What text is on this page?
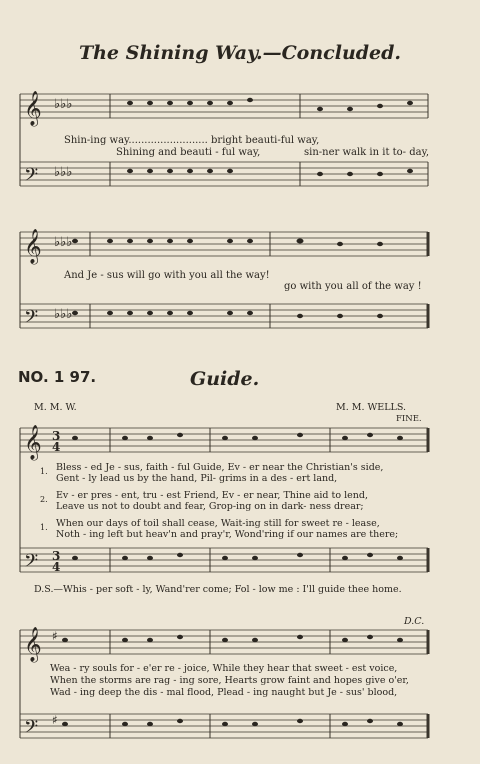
𝄞
𝄢
𝄞
𝄢
𝄞
𝄢
𝄞
𝄢
♭♭♭
♭♭♭
♭♭♭
♭♭♭
3
4
3
4
♯
♯
The Shining Way.—Concluded.
Shin-ing way......................... bright beauti-ful way,
Shining and beauti - ful way,	sin-ner walk in it to- day,
And Je - sus will go with you all the way!
go with you all of the way !
NO. 1 97.	Guide.
M. M. W.	M. M. WELLS.
FINE.
1. Bless - ed Je - sus, faith - ful Guide, Ev - er near the Christian's side,
Gent - ly lead us by the hand, Pil- grims in a des - ert land,
2. Ev - er pres - ent, tru - est Friend, Ev - er near, Thine aid to lend,
Leave us not to doubt and fear, Grop-ing on in dark- ness drear;
1. When our days of toil shall cease, Wait-ing still for sweet re - lease,
Noth - ing left but heav'n and pray'r, Wond'ring if our names are there;
D.S.—Whis - per soft - ly, Wand'rer come; Fol - low me : I'll guide thee home.
D.C.
Wea - ry souls for - e'er re - joice, While they hear that sweet - est voice,
When the storms are rag - ing sore, Hearts grow faint and hopes give o'er,
Wad - ing deep the dis - mal flood, Plead - ing naught but Je - sus' blood,
